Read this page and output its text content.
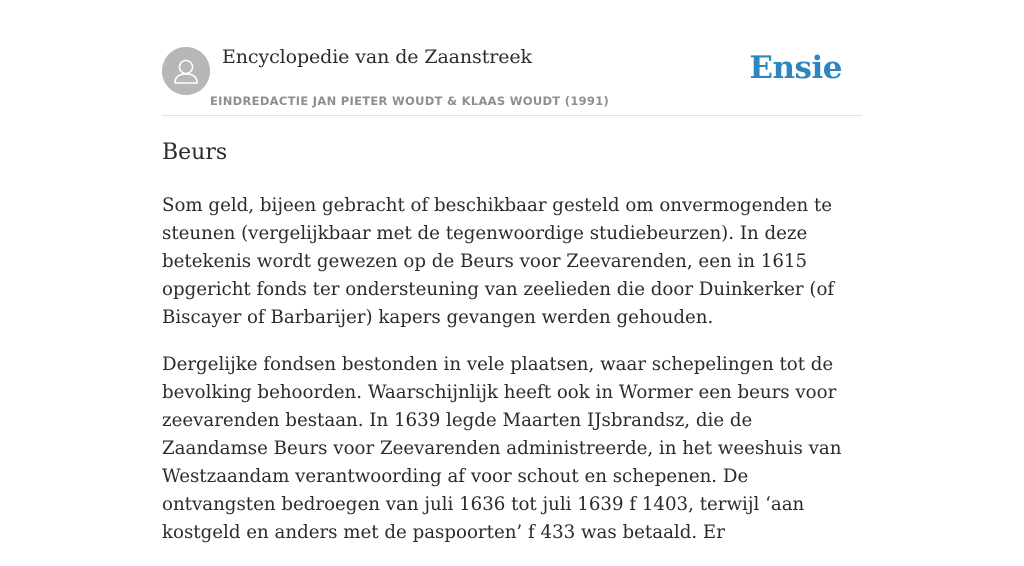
Encyclopedie van de Zaanstreek
EINDREDACTIE JAN PIETER WOUDT & KLAAS WOUDT (1991)
Ensie
Beurs

Som geld, bijeen gebracht of beschikbaar gesteld om onvermogenden te steunen (vergelijkbaar met de tegenwoordige studiebeurzen). In deze betekenis wordt gewezen op de Beurs voor Zeevarenden, een in 1615 opgericht fonds ter ondersteuning van zeelieden die door Duinkerker (of Biscayer of Barbarijer) kapers gevangen werden gehouden.

Dergelijke fondsen bestonden in vele plaatsen, waar schepelingen tot de bevolking behoorden. Waarschijnlijk heeft ook in Wormer een beurs voor zeevarenden bestaan. In 1639 legde Maarten IJsbrandsz, die de Zaandamse Beurs voor Zeevarenden administreerde, in het weeshuis van Westzaandam verantwoording af voor schout en schepenen. De ontvangsten bedroegen van juli 1636 tot juli 1639 f 1403, terwijl ‘aan kostgeld en anders met de paspoorten’ f 433 was betaald. Er
